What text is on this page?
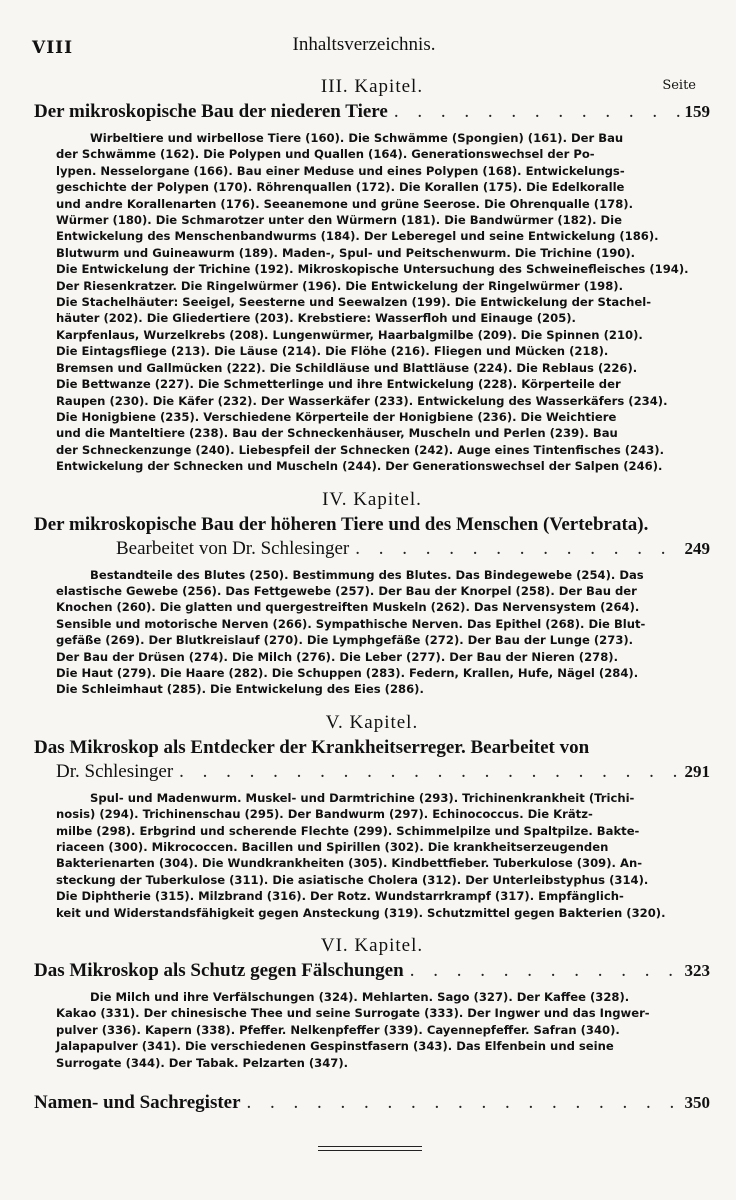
VIII	Inhaltsverzeichnis.
Seite
III. Kapitel.
Der mikroskopische Bau der niederen Tiere . . .	159

Wirbeltiere und wirbellose Tiere (160). Die Schwämme (Spongien) (161). Der Bau

der Schwämme (162). Die Polypen und Quallen (164). Generationswechsel der Po-

lypen. Nesselorgane (166). Bau einer Meduse und eines Polypen (168). Entwickelungs-

geschichte der Polypen (170). Röhrenquallen (172). Die Korallen (175). Die Edelkoralle

und andre Korallenarten (176). Seeanemone und grüne Seerose. Die Ohrenqualle (178).

Würmer (180). Die Schmarotzer unter den Würmern (181). Die Bandwürmer (182). Die

Entwickelung des Menschenbandwurms (184). Der Leberegel und seine Entwickelung (186).

Blutwurm und Guineawurm (189). Maden-, Spul- und Peitschenwurm. Die Trichine (190).

Die Entwickelung der Trichine (192). Mikroskopische Untersuchung des Schweinefleisches (194).

Der Riesenkratzer. Die Ringelwürmer (196). Die Entwickelung der Ringelwürmer (198).

Die Stachelhäuter: Seeigel, Seesterne und Seewalzen (199). Die Entwickelung der Stachel-

häuter (202). Die Gliedertiere (203). Krebstiere: Wasserfloh und Einauge (205).

Karpfenlaus, Wurzelkrebs (208). Lungenwürmer, Haarbalgmilbe (209). Die Spinnen (210).

Die Eintagsfliege (213). Die Läuse (214). Die Flöhe (216). Fliegen und Mücken (218).

Bremsen und Gallmücken (222). Die Schildläuse und Blattläuse (224). Die Reblaus (226).

Die Bettwanze (227). Die Schmetterlinge und ihre Entwickelung (228). Körperteile der

Raupen (230). Die Käfer (232). Der Wasserkäfer (233). Entwickelung des Wasserkäfers (234).

Die Honigbiene (235). Verschiedene Körperteile der Honigbiene (236). Die Weichtiere

und die Manteltiere (238). Bau der Schneckenhäuser, Muscheln und Perlen (239). Bau

der Schneckenzunge (240). Liebespfeil der Schnecken (242). Auge eines Tintenfisches (243).

Entwickelung der Schnecken und Muscheln (244). Der Generationswechsel der Salpen (246).

IV. Kapitel.
Der mikroskopische Bau der höheren Tiere und des Menschen (Vertebrata).
Bearbeitet von Dr. Schlesinger . . .	249

Bestandteile des Blutes (250). Bestimmung des Blutes. Das Bindegewebe (254). Das

elastische Gewebe (256). Das Fettgewebe (257). Der Bau der Knorpel (258). Der Bau der

Knochen (260). Die glatten und quergestreiften Muskeln (262). Das Nervensystem (264).

Sensible und motorische Nerven (266). Sympathische Nerven. Das Epithel (268). Die Blut-

gefäße (269). Der Blutkreislauf (270). Die Lymphgefäße (272). Der Bau der Lunge (273).

Der Bau der Drüsen (274). Die Milch (276). Die Leber (277). Der Bau der Nieren (278).

Die Haut (279). Die Haare (282). Die Schuppen (283). Federn, Krallen, Hufe, Nägel (284).

Die Schleimhaut (285). Die Entwickelung des Eies (286).

V. Kapitel.
Das Mikroskop als Entdecker der Krankheitserreger. Bearbeitet von
Dr. Schlesinger . . .	291

Spul- und Madenwurm. Muskel- und Darmtrichine (293). Trichinenkrankheit (Trichi-

nosis) (294). Trichinenschau (295). Der Bandwurm (297). Echinococcus. Die Krätz-

milbe (298). Erbgrind und scherende Flechte (299). Schimmelpilze und Spaltpilze. Bakte-

riaceen (300). Mikrococcen. Bacillen und Spirillen (302). Die krankheitserzeugenden

Bakterienarten (304). Die Wundkrankheiten (305). Kindbettfieber. Tuberkulose (309). An-

steckung der Tuberkulose (311). Die asiatische Cholera (312). Der Unterleibstyphus (314).

Die Diphtherie (315). Milzbrand (316). Der Rotz. Wundstarrkrampf (317). Empfänglich-

keit und Widerstandsfähigkeit gegen Ansteckung (319). Schutzmittel gegen Bakterien (320).

VI. Kapitel.
Das Mikroskop als Schutz gegen Fälschungen . . .	323

Die Milch und ihre Verfälschungen (324). Mehlarten. Sago (327). Der Kaffee (328).

Kakao (331). Der chinesische Thee und seine Surrogate (333). Der Ingwer und das Ingwer-

pulver (336). Kapern (338). Pfeffer. Nelkenpfeffer (339). Cayennepfeffer. Safran (340).

Jalapapulver (341). Die verschiedenen Gespinstfasern (343). Das Elfenbein und seine

Surrogate (344). Der Tabak. Pelzarten (347).

Namen- und Sachregister . . .	350
